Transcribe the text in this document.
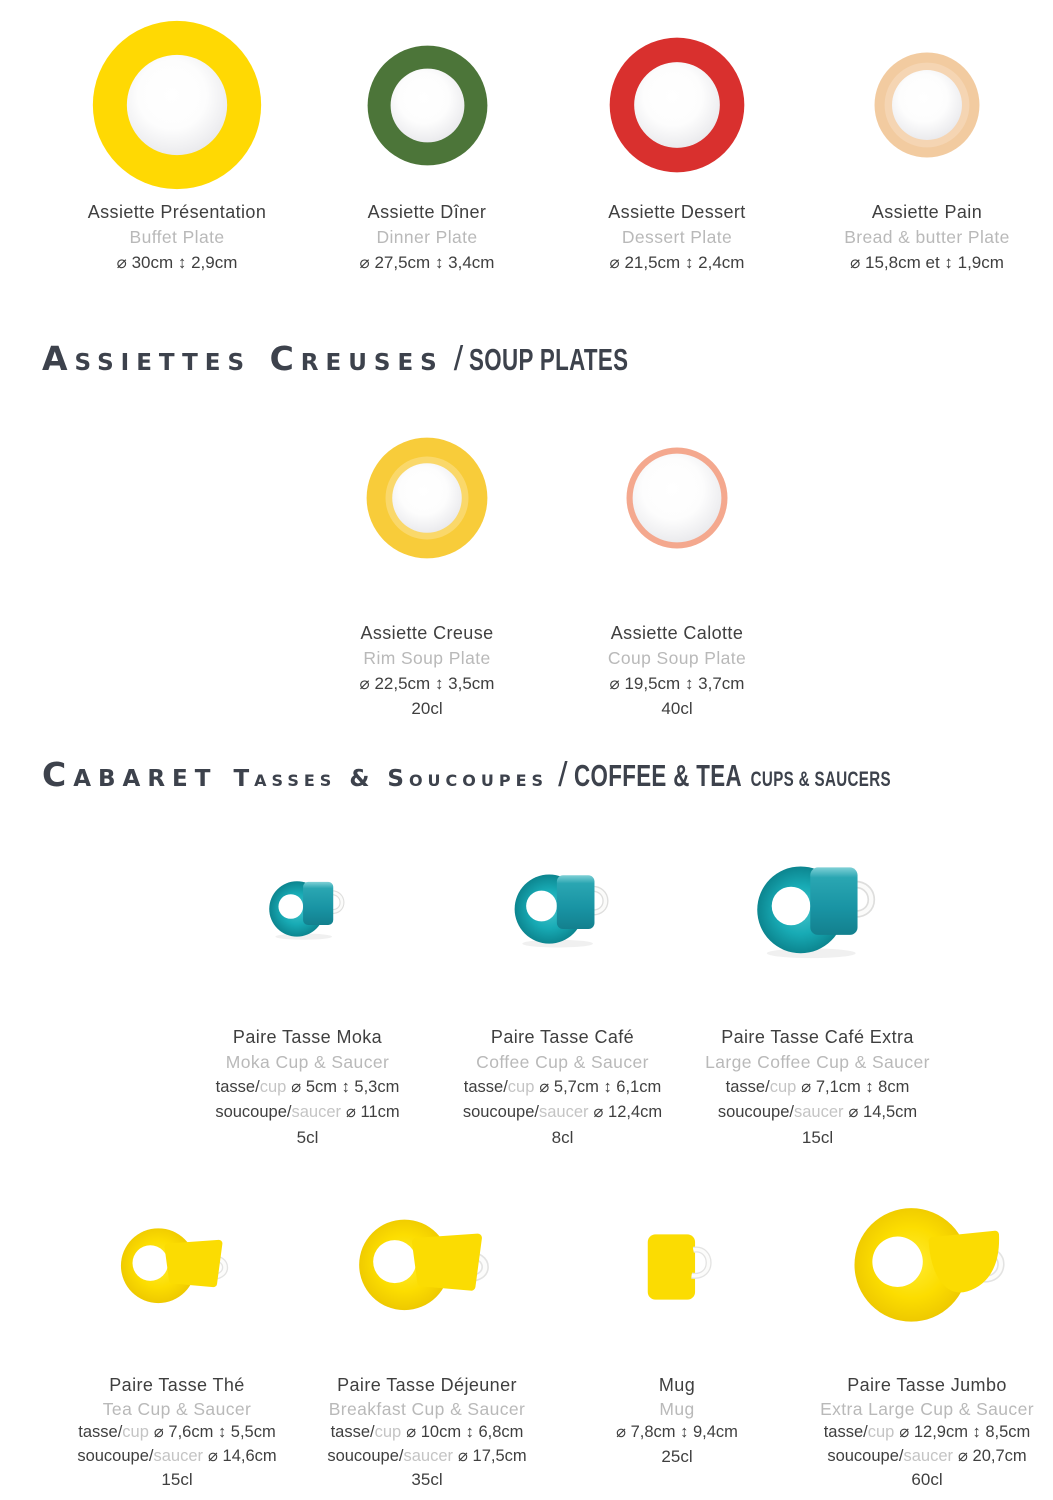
Assiette Présentation
Buffet Plate
⌀ 30cm ↕ 2,9cm
Assiette Dîner
Dinner Plate
⌀ 27,5cm ↕ 3,4cm
Assiette Dessert
Dessert Plate
⌀ 21,5cm ↕ 2,4cm
Assiette Pain
Bread & butter Plate
⌀ 15,8cm et ↕ 1,9cm
Assiettes Creuses / SOUP PLATES
Assiette Creuse
Rim Soup Plate
⌀ 22,5cm ↕ 3,5cm
20cl
Assiette Calotte
Coup Soup Plate
⌀ 19,5cm ↕ 3,7cm
40cl
Cabaret Tasses & Soucoupes / COFFEE & TEA CUPS & SAUCERS
Paire Tasse Moka
Moka Cup & Saucer
tasse/cup ⌀ 5cm ↕ 5,3cm
soucoupe/saucer ⌀ 11cm
5cl
Paire Tasse Café
Coffee Cup & Saucer
tasse/cup ⌀ 5,7cm ↕ 6,1cm
soucoupe/saucer ⌀ 12,4cm
8cl
Paire Tasse Café Extra
Large Coffee Cup & Saucer
tasse/cup ⌀ 7,1cm ↕ 8cm
soucoupe/saucer ⌀ 14,5cm
15cl
Paire Tasse Thé
Tea Cup & Saucer
tasse/cup ⌀ 7,6cm ↕ 5,5cm
soucoupe/saucer ⌀ 14,6cm
15cl
Paire Tasse Déjeuner
Breakfast Cup & Saucer
tasse/cup ⌀ 10cm ↕ 6,8cm
soucoupe/saucer ⌀ 17,5cm
35cl
Mug
Mug
⌀ 7,8cm ↕ 9,4cm
25cl
Paire Tasse Jumbo
Extra Large Cup & Saucer
tasse/cup ⌀ 12,9cm ↕ 8,5cm
soucoupe/saucer ⌀ 20,7cm
60cl
